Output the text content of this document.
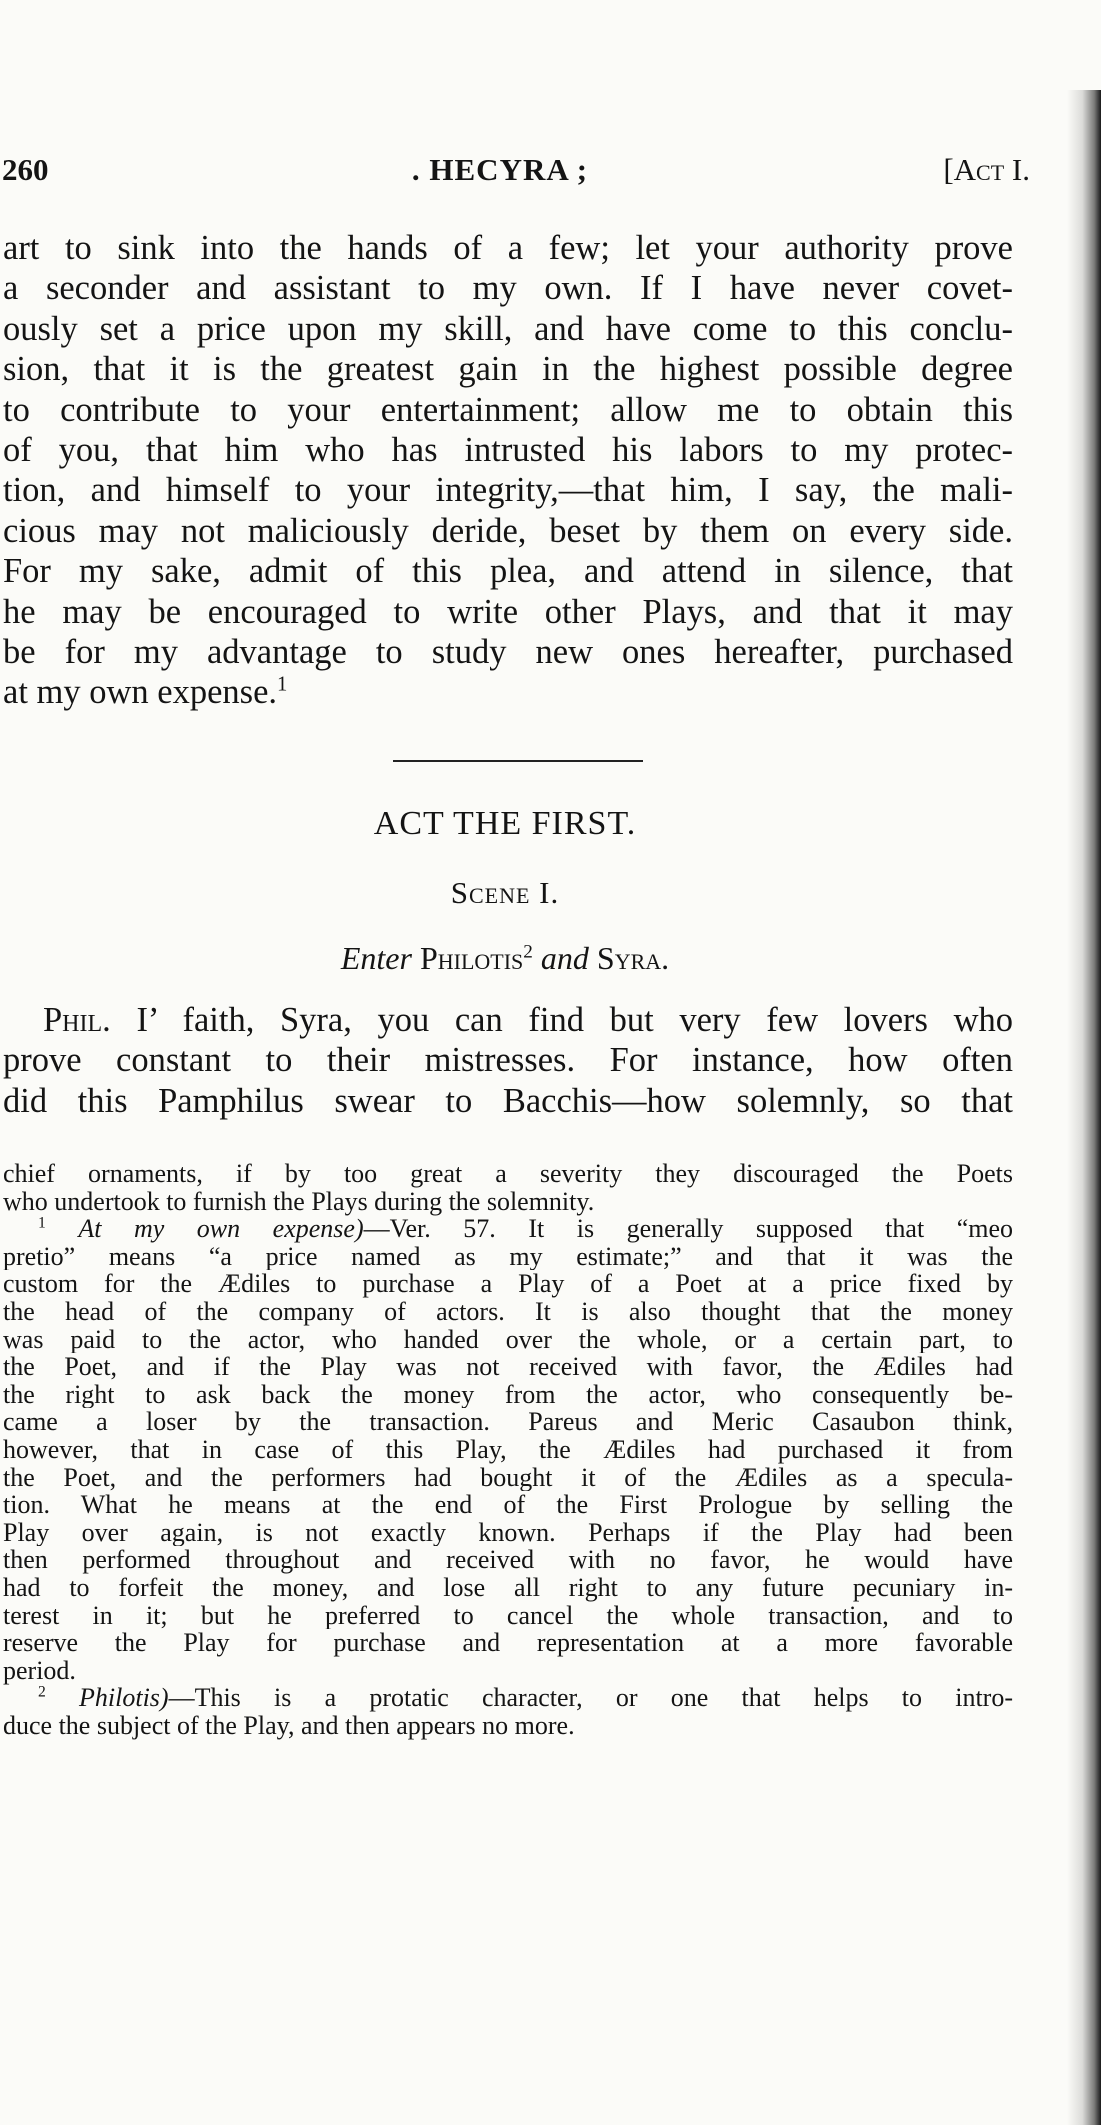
260	. HECYRA ;	[Act I.
art to sink into the hands of a few; let your authority prove
a seconder and assistant to my own. If I have never covet-
ously set a price upon my skill, and have come to this conclu-
sion, that it is the greatest gain in the highest possible degree
to contribute to your entertainment; allow me to obtain this
of you, that him who has intrusted his labors to my protec-
tion, and himself to your integrity,—that him, I say, the mali-
cious may not maliciously deride, beset by them on every side.
For my sake, admit of this plea, and attend in silence, that
he may be encouraged to write other Plays, and that it may
be for my advantage to study new ones hereafter, purchased
at my own expense.$^1$
ACT THE FIRST.
Scene I.
Enter Philotis$^2$ and Syra.
Phil. I’ faith, Syra, you can find but very few lovers who
prove constant to their mistresses. For instance, how often
did this Pamphilus swear to Bacchis—how solemnly, so that
chief ornaments, if by too great a severity they discouraged the Poets
who undertook to furnish the Plays during the solemnity.
$^1$ At my own expense)—Ver. 57. It is generally supposed that “meo
pretio” means “a price named as my estimate;” and that it was the
custom for the Ædiles to purchase a Play of a Poet at a price fixed by
the head of the company of actors. It is also thought that the money
was paid to the actor, who handed over the whole, or a certain part, to
the Poet, and if the Play was not received with favor, the Ædiles had
the right to ask back the money from the actor, who consequently be-
came a loser by the transaction. Pareus and Meric Casaubon think,
however, that in case of this Play, the Ædiles had purchased it from
the Poet, and the performers had bought it of the Ædiles as a specula-
tion. What he means at the end of the First Prologue by selling the
Play over again, is not exactly known. Perhaps if the Play had been
then performed throughout and received with no favor, he would have
had to forfeit the money, and lose all right to any future pecuniary in-
terest in it; but he preferred to cancel the whole transaction, and to
reserve the Play for purchase and representation at a more favorable
period.
$^2$ Philotis)—This is a protatic character, or one that helps to intro-
duce the subject of the Play, and then appears no more.
